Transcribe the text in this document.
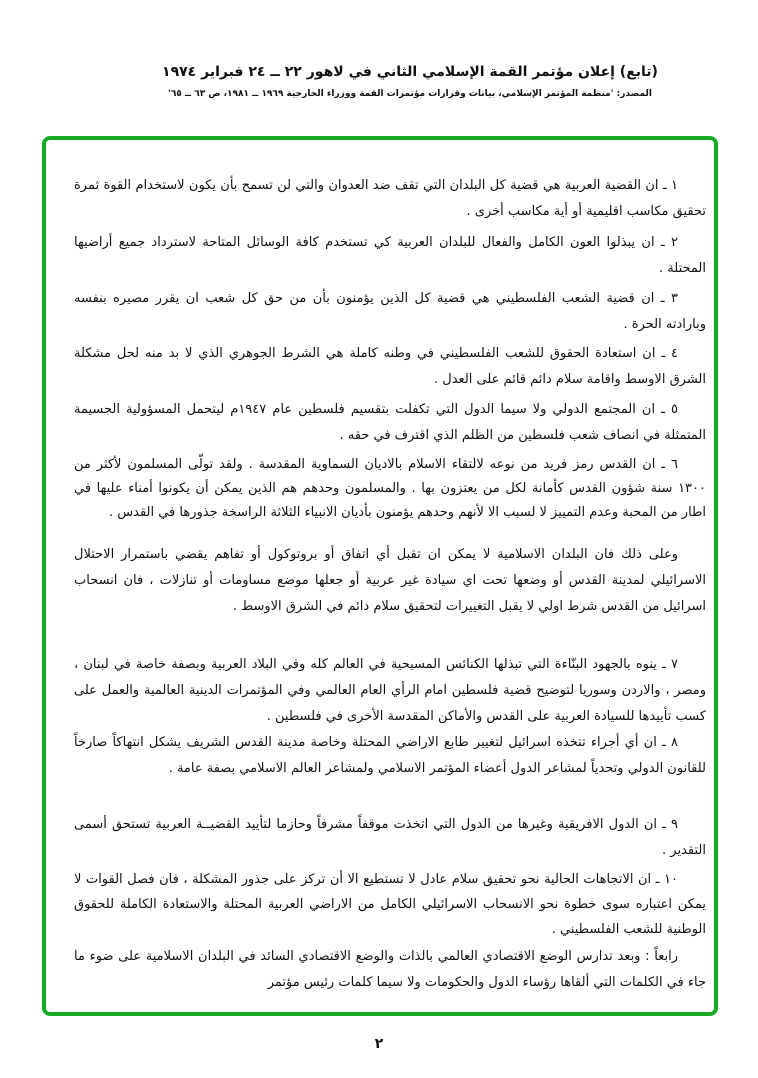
(تابع) إعلان مؤتمر القمة الإسلامي الثاني في لاهور ٢٢ ــ ٢٤ فبراير ١٩٧٤
المصدر: 'منظمة المؤتمر الإسلامي، بيانات وقرارات مؤتمرات القمة ووزراء الخارجية ١٩٦٩ ــ ١٩٨١، ص ٦٣ ــ ٦٥'
١ ـ ان القضية العربية هي قضية كل البلدان التي تقف ضد العدوان والتي لن تسمح بأن يكون لاستخدام القوة ثمرة تحقيق مكاسب اقليمية أو أية مكاسب أخرى .
٢ ـ ان يبذلوا العون الكامل والفعال للبلدان العربية كي تستخدم كافة الوسائل المتاحة لاسترداد جميع أراضيها المحتلة .
٣ ـ ان قضية الشعب الفلسطيني هي قضية كل الذين يؤمنون بأن من حق كل شعب ان يقرر مصيره بنفسه وبارادته الحرة .
٤ ـ ان استعادة الحقوق للشعب الفلسطيني في وطنه كاملة هي الشرط الجوهري الذي لا بد منه لحل مشكلة الشرق الاوسط واقامة سلام دائم قائم على العدل .
٥ ـ ان المجتمع الدولي ولا سيما الدول التي تكفلت بتقسيم فلسطين عام ١٩٤٧م ليتحمل المسؤولية الجسيمة المتمثلة في انصاف شعب فلسطين من الظلم الذي اقترف في حقه .
٦ ـ ان القدس رمز فريد من نوعه لالتقاء الاسلام بالاديان السماوية المقدسة . ولقد تولّى المسلمون لأكثر من ١٣٠٠ سنة شؤون القدس كأمانة لكل من يعتزون بها . والمسلمون وحدهم هم الذين يمكن أن يكونوا أمناء عليها في اطار من المحبة وعدم التمييز لا لسبب الا لأنهم وحدهم يؤمنون بأديان الانبياء الثلاثة الراسخة جذورها في القدس .
وعلى ذلك فان البلدان الاسلامية لا يمكن ان تقبل أي اتفاق أو بروتوكول أو تفاهم يقضي باستمرار الاحتلال الاسرائيلي لمدينة القدس أو وضعها تحت اي سيادة غير عربية أو جعلها موضع مساومات أو تنازلات ، فان انسحاب اسرائيل من القدس شرط اولي لا يقبل التغييرات لتحقيق سلام دائم في الشرق الاوسط .
٧ ـ ينوه بالجهود البنّاءة التي تبذلها الكنائس المسيحية في العالم كله وفي البلاد العربية وبصفة خاصة في لبنان ، ومصر ، والاردن وسوريا لتوضيح قضية فلسطين امام الرأي العام العالمي وفي المؤتمرات الدينية العالمية والعمل على كسب تأييدها للسيادة العربية على القدس والأماكن المقدسة الأخرى في فلسطين .
٨ ـ ان أي أجراء تتخذه اسرائيل لتغيير طابع الاراضي المحتلة وخاصة مدينة القدس الشريف يشكل انتهاكاً صارخاً للقانون الدولي وتحدياً لمشاعر الدول أعضاء المؤتمر الاسلامي ولمشاعر العالم الاسلامي بصفة عامة .
٩ ـ ان الدول الافريقية وغيرها من الدول التي اتخذت موقفاً مشرفاً وحازما لتأييد القضيــة العربية تستحق أسمى التقدير .
١٠ ـ ان الاتجاهات الحالية نحو تحقيق سلام عادل لا تستطيع الا أن تركز على جذور المشكلة ، فان فصل القوات لا يمكن اعتباره سوى خطوة نحو الانسحاب الاسرائيلي الكامل من الاراضي العربية المحتلة والاستعادة الكاملة للحقوق الوطنية للشعب الفلسطيني .
رابعاً : وبعد تدارس الوضع الاقتصادي العالمي بالذات والوضع الاقتصادي السائد في البلدان الاسلامية على ضوء ما جاء في الكلمات التي ألقاها رؤساء الدول والحكومات ولا سيما كلمات رئيس مؤتمر
٢
